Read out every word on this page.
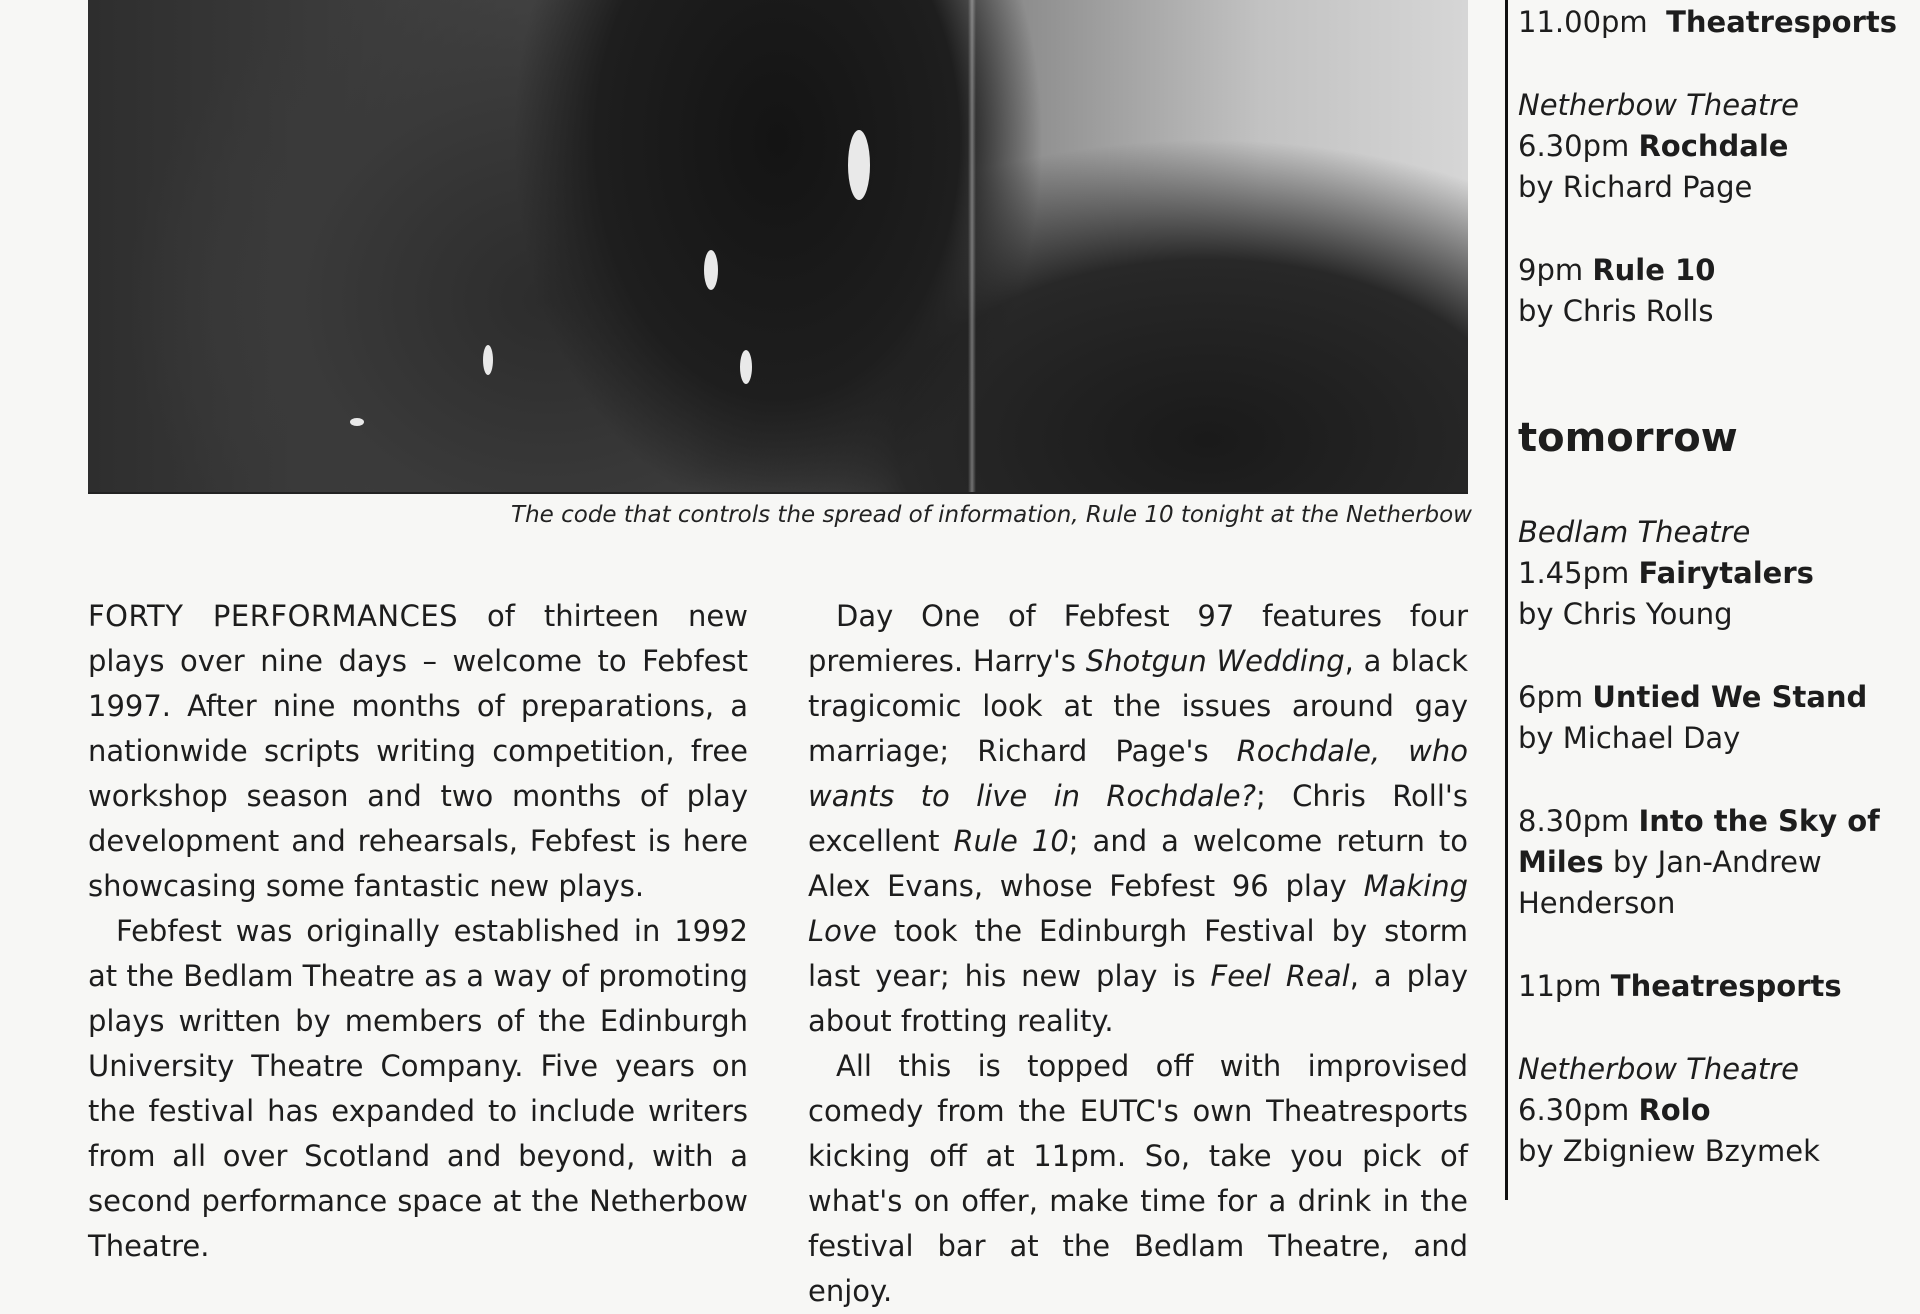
The code that controls the spread of information, Rule 10 tonight at the Netherbow

FORTY PERFORMANCES of thirteen new plays over nine days – welcome to Febfest 1997. After nine months of preparations, a nationwide scripts writing competition, free workshop season and two months of play development and rehearsals, Febfest is here showcasing some fantastic new plays.

Febfest was originally established in 1992 at the Bedlam Theatre as a way of promoting plays written by members of the Edinburgh University Theatre Company. Five years on the festival has expanded to include writers from all over Scotland and beyond, with a second performance space at the Netherbow Theatre.

Day One of Febfest 97 features four premieres. Harry's Shotgun Wedding, a black tragicomic look at the issues around gay marriage; Richard Page's Rochdale, who wants to live in Rochdale?; Chris Roll's excellent Rule 10; and a welcome return to Alex Evans, whose Febfest 96 play Making Love took the Edinburgh Festival by storm last year; his new play is Feel Real, a play about frotting reality.

All this is topped off with improvised comedy from the EUTC's own Theatresports kicking off at 11pm. So, take you pick of what's on offer, make time for a drink in the festival bar at the Bedlam Theatre, and enjoy.

11.00pm Theatresports
Netherbow Theatre
6.30pm Rochdale
by Richard Page
9pm Rule 10
by Chris Rolls
tomorrow
Bedlam Theatre
1.45pm Fairytalers
by Chris Young
6pm Untied We Stand
by Michael Day
8.30pm Into the Sky of
Miles by Jan-Andrew
Henderson
11pm Theatresports
Netherbow Theatre
6.30pm Rolo
by Zbigniew Bzymek
